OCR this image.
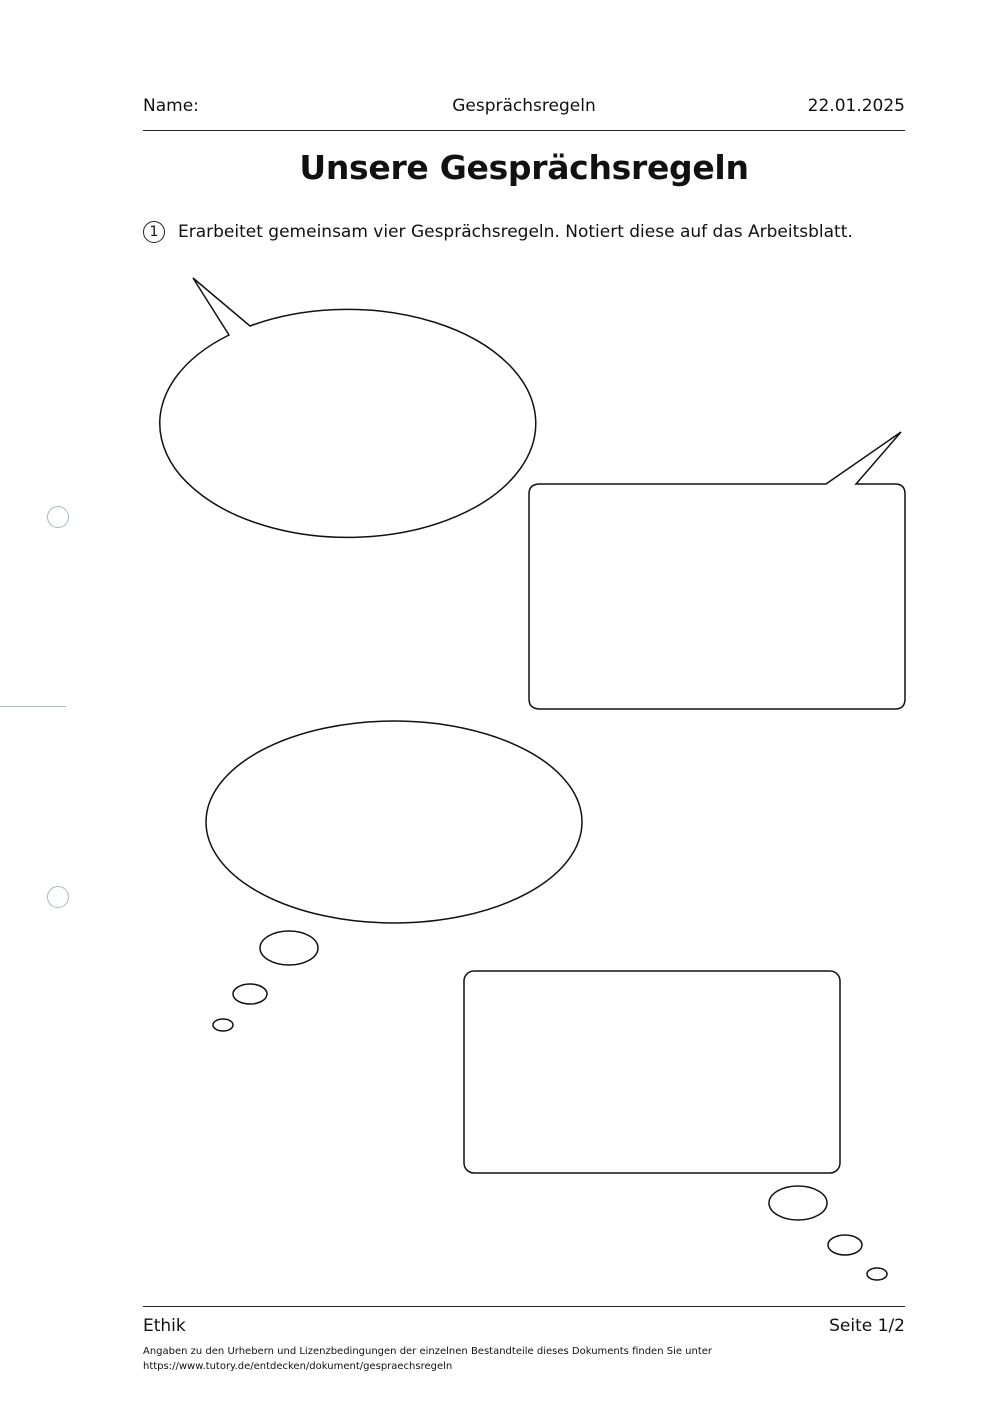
Name:	Gesprächsregeln	22.01.2025
Unsere Gesprächsregeln
1	Erarbeitet gemeinsam vier Gesprächsregeln. Notiert diese auf das Arbeitsblatt.
Ethik	Seite 1/2
Angaben zu den Urhebern und Lizenzbedingungen der einzelnen Bestandteile dieses Dokuments finden Sie unter
https://www.tutory.de/entdecken/dokument/gespraechsregeln
